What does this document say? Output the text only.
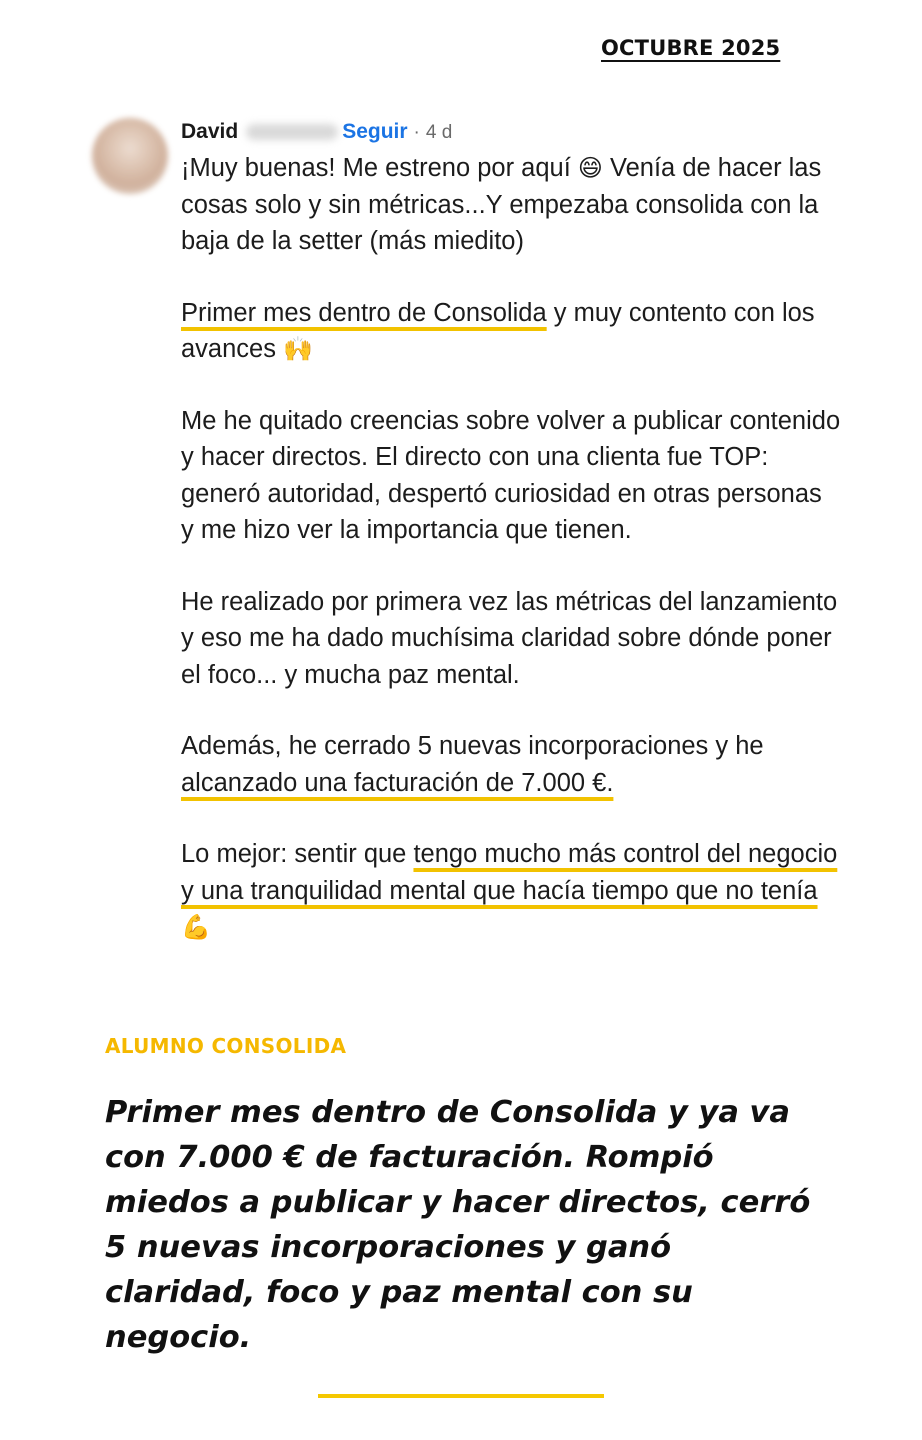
OCTUBRE 2025
David	Seguir · 4 d

¡Muy buenas! Me estreno por aquí 😄 Venía de hacer las cosas solo y sin métricas...Y empezaba consolida con la baja de la setter (más miedito)

Primer mes dentro de Consolida y muy contento con los avances 🙌

Me he quitado creencias sobre volver a publicar contenido y hacer directos. El directo con una clienta fue TOP: generó autoridad, despertó curiosidad en otras personas y me hizo ver la importancia que tienen.

He realizado por primera vez las métricas del lanzamiento y eso me ha dado muchísima claridad sobre dónde poner el foco... y mucha paz mental.

Además, he cerrado 5 nuevas incorporaciones y he alcanzado una facturación de 7.000 €.

Lo mejor: sentir que tengo mucho más control del negocio y una tranquilidad mental que hacía tiempo que no tenía 💪

ALUMNO CONSOLIDA
Primer mes dentro de Consolida y ya va con 7.000 € de facturación. Rompió miedos a publicar y hacer directos, cerró 5 nuevas incorporaciones y ganó claridad, foco y paz mental con su negocio.
